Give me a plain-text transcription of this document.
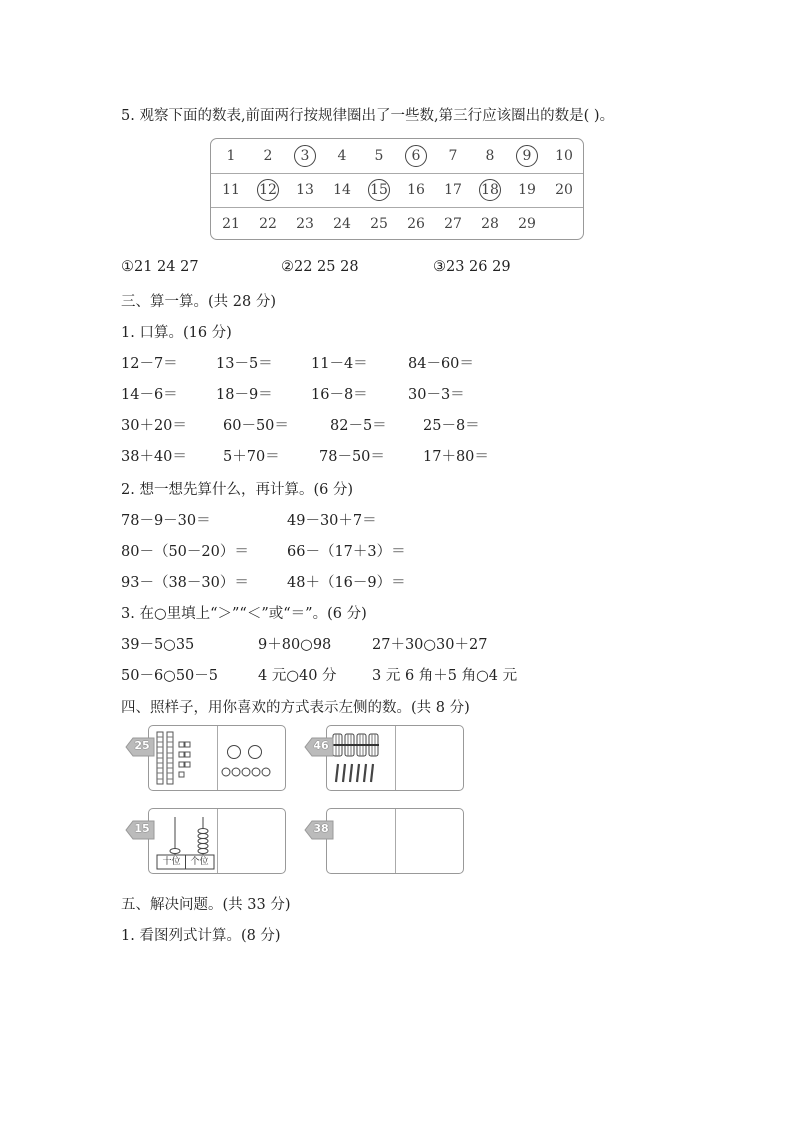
5. 观察下面的数表,前面两行按规律圈出了一些数,第三行应该圈出的数是( )。
1	2	3	4	5	6	7	8	9	10
11	12	13	14	15	16	17	18	19	20
21	22	23	24	25	26	27	28	29
①21 24 27	②22 25 28	③23 26 29
三、算一算。(共 28 分)
1. 口算。(16 分)
12－7＝	13－5＝	11－4＝	84－60＝
14－6＝	18－9＝	16－8＝	30－3＝
30＋20＝ 60－50＝	82－5＝	25－8＝
38＋40＝ 5＋70＝	78－50＝	17＋80＝
2. 想一想先算什么，再计算。(6 分)
78－9－30＝	49－30＋7＝
80－（50－20）＝	66－（17＋3）＝
93－（38－30）＝	48＋（16－9）＝
3. 在○里填上“＞”“＜”或“＝”。(6 分)
39－5○35	9＋80○98	27＋30○30＋27
50－6○50－5	4 元○40 分 3 元 6 角＋5 角○4 元
四、照样子，用你喜欢的方式表示左侧的数。(共 8 分)
25	46
十位	个位
15	38
五、解决问题。(共 33 分)
1. 看图列式计算。(8 分)
